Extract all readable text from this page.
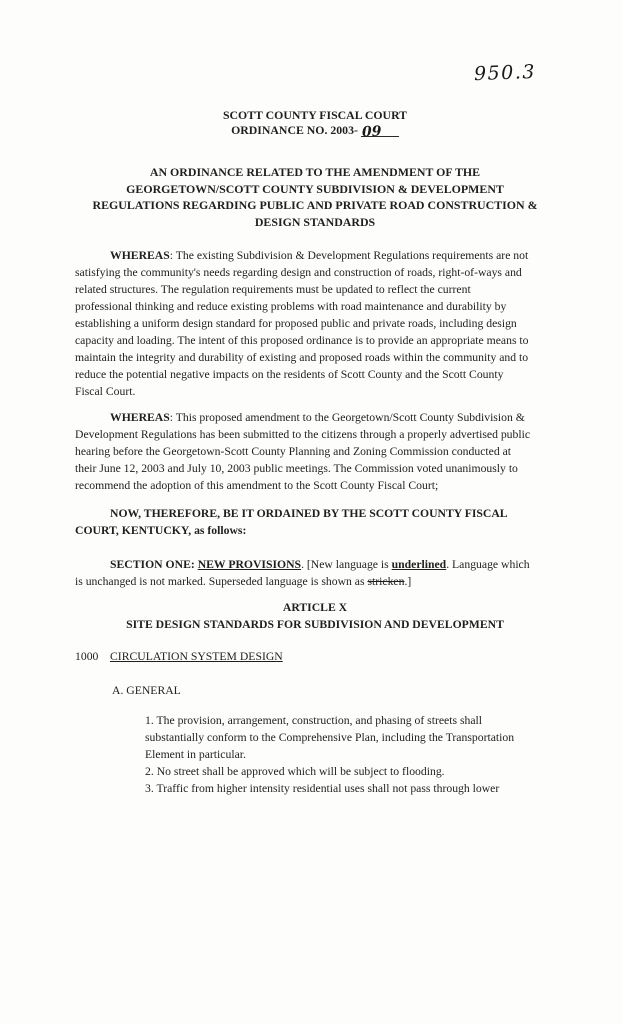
950.3
SCOTT COUNTY FISCAL COURT
ORDINANCE NO. 2003- 09
AN ORDINANCE RELATED TO THE AMENDMENT OF THE
GEORGETOWN/SCOTT COUNTY SUBDIVISION & DEVELOPMENT
REGULATIONS REGARDING PUBLIC AND PRIVATE ROAD CONSTRUCTION &
DESIGN STANDARDS
WHEREAS: The existing Subdivision & Development Regulations requirements are not
satisfying the community's needs regarding design and construction of roads, right-of-ways and
related structures. The regulation requirements must be updated to reflect the current
professional thinking and reduce existing problems with road maintenance and durability by
establishing a uniform design standard for proposed public and private roads, including design
capacity and loading. The intent of this proposed ordinance is to provide an appropriate means to
maintain the integrity and durability of existing and proposed roads within the community and to
reduce the potential negative impacts on the residents of Scott County and the Scott County
Fiscal Court.
WHEREAS: This proposed amendment to the Georgetown/Scott County Subdivision &
Development Regulations has been submitted to the citizens through a properly advertised public
hearing before the Georgetown-Scott County Planning and Zoning Commission conducted at
their June 12, 2003 and July 10, 2003 public meetings. The Commission voted unanimously to
recommend the adoption of this amendment to the Scott County Fiscal Court;
NOW, THEREFORE, BE IT ORDAINED BY THE SCOTT COUNTY FISCAL
COURT, KENTUCKY, as follows:
SECTION ONE: NEW PROVISIONS. [New language is underlined. Language which
is unchanged is not marked. Superseded language is shown as stricken.]
ARTICLE X
SITE DESIGN STANDARDS FOR SUBDIVISION AND DEVELOPMENT
1000 CIRCULATION SYSTEM DESIGN
A. GENERAL
1. The provision, arrangement, construction, and phasing of streets shall
substantially conform to the Comprehensive Plan, including the Transportation
Element in particular.
2. No street shall be approved which will be subject to flooding.
3. Traffic from higher intensity residential uses shall not pass through lower
